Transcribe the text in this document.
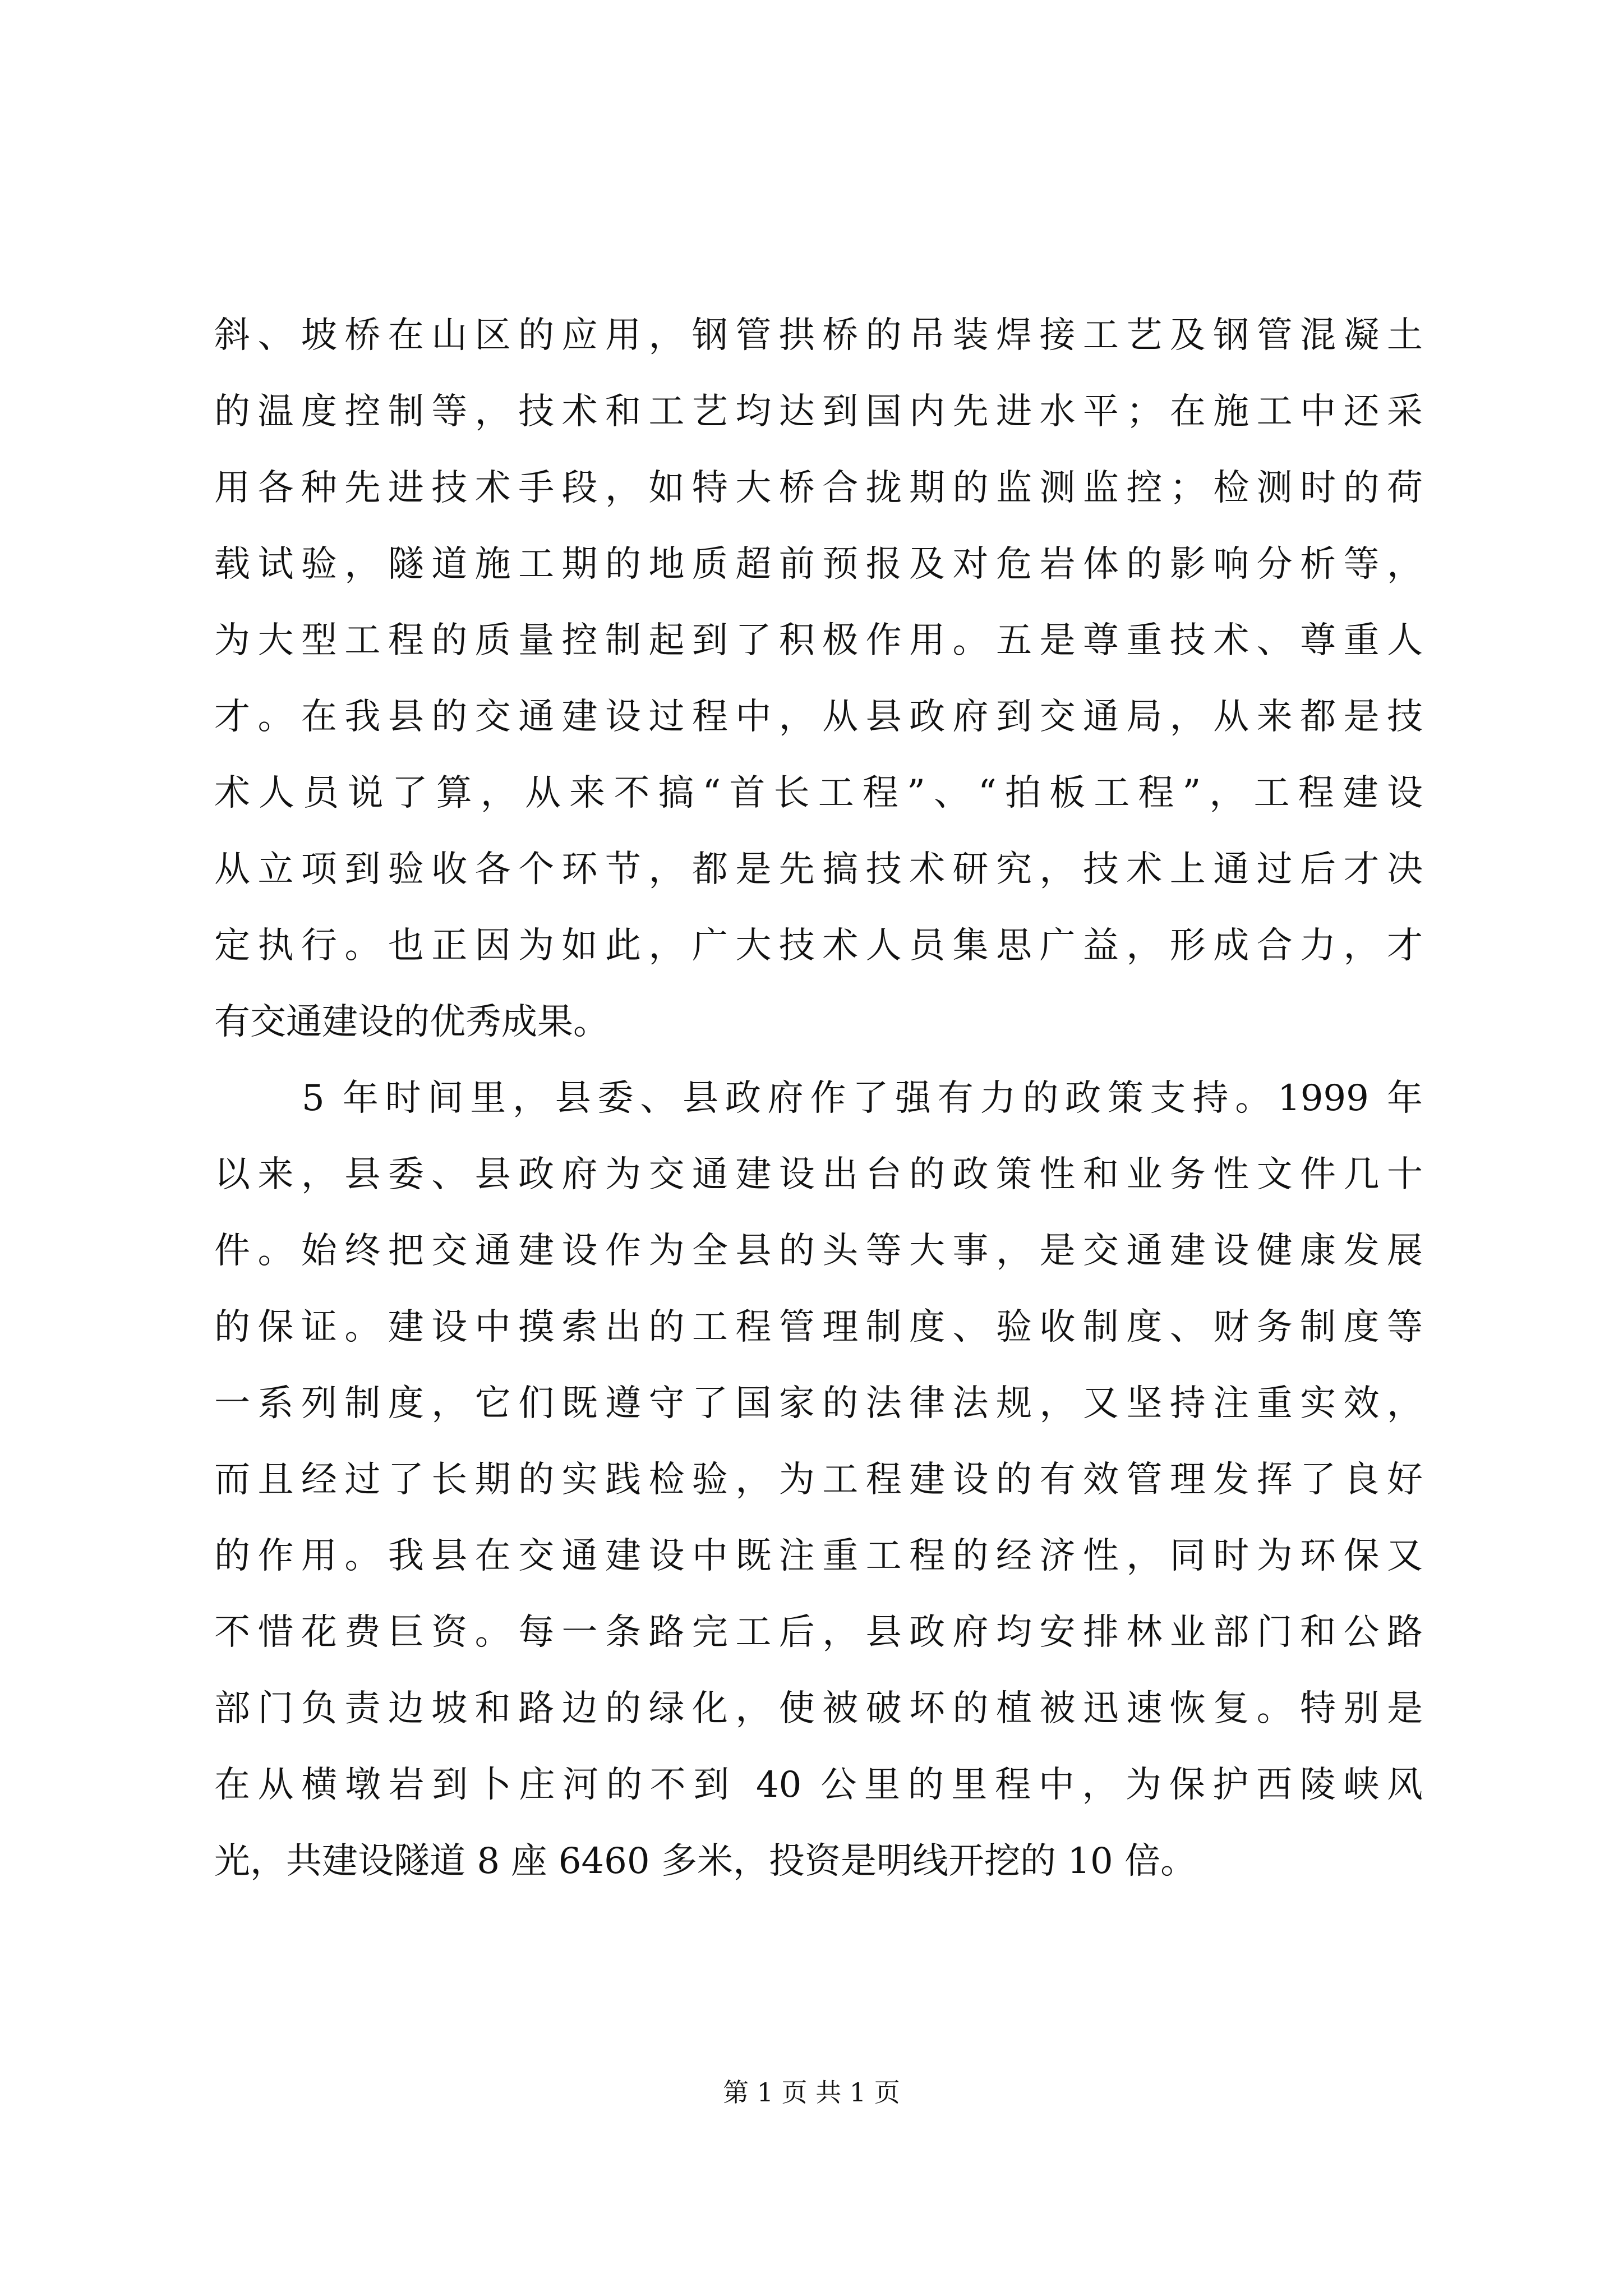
斜、坡桥在山区的应用，钢管拱桥的吊装焊接工艺及钢管混凝土
的温度控制等，技术和工艺均达到国内先进水平；在施工中还采
用各种先进技术手段，如特大桥合拢期的监测监控；检测时的荷
载试验，隧道施工期的地质超前预报及对危岩体的影响分析等，
为大型工程的质量控制起到了积极作用。五是尊重技术、尊重人
才。在我县的交通建设过程中，从县政府到交通局，从来都是技
术人员说了算，从来不搞“首长工程”、“拍板工程”，工程建设
从立项到验收各个环节，都是先搞技术研究，技术上通过后才决
定执行。也正因为如此，广大技术人员集思广益，形成合力，才
有交通建设的优秀成果。
5 年时间里，县委、县政府作了强有力的政策支持。1999 年
以来，县委、县政府为交通建设出台的政策性和业务性文件几十
件。始终把交通建设作为全县的头等大事，是交通建设健康发展
的保证。建设中摸索出的工程管理制度、验收制度、财务制度等
一系列制度，它们既遵守了国家的法律法规，又坚持注重实效，
而且经过了长期的实践检验，为工程建设的有效管理发挥了良好
的作用。我县在交通建设中既注重工程的经济性，同时为环保又
不惜花费巨资。每一条路完工后，县政府均安排林业部门和公路
部门负责边坡和路边的绿化，使被破坏的植被迅速恢复。特别是
在从横墩岩到卜庄河的不到 40 公里的里程中，为保护西陵峡风
光，共建设隧道 8 座 6460 多米，投资是明线开挖的 10 倍。
第 1 页 共 1 页
